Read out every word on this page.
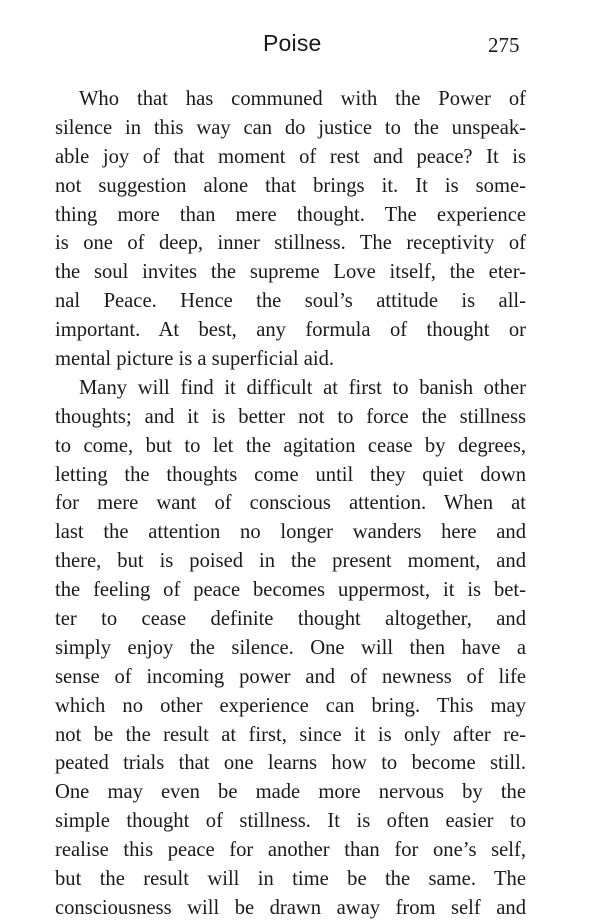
Poise	275
Who that has communed with the Power of
silence in this way can do justice to the unspeak-
able joy of that moment of rest and peace? It is
not suggestion alone that brings it. It is some-
thing more than mere thought. The experience
is one of deep, inner stillness. The receptivity of
the soul invites the supreme Love itself, the eter-
nal Peace. Hence the soul’s attitude is all-
important. At best, any formula of thought or
mental picture is a superficial aid.
Many will find it difficult at first to banish other
thoughts; and it is better not to force the stillness
to come, but to let the agitation cease by degrees,
letting the thoughts come until they quiet down
for mere want of conscious attention. When at
last the attention no longer wanders here and
there, but is poised in the present moment, and
the feeling of peace becomes uppermost, it is bet-
ter to cease definite thought altogether, and
simply enjoy the silence. One will then have a
sense of incoming power and of newness of life
which no other experience can bring. This may
not be the result at first, since it is only after re-
peated trials that one learns how to become still.
One may even be made more nervous by the
simple thought of stillness. It is often easier to
realise this peace for another than for one’s self,
but the result will in time be the same. The
consciousness will be drawn away from self and
